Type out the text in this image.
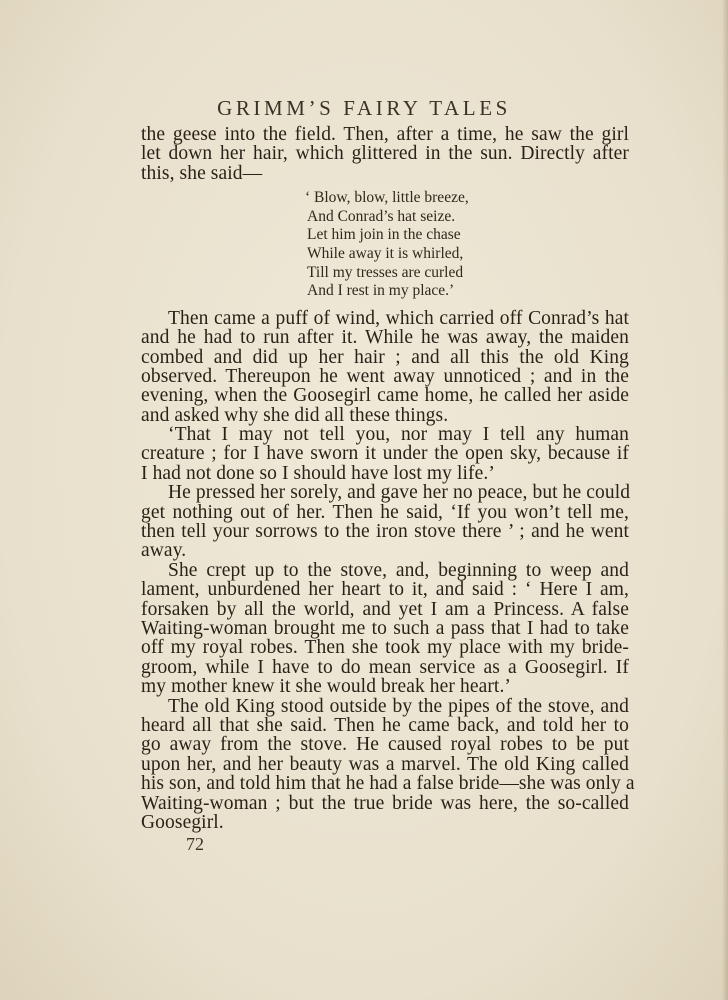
GRIMM’S FAIRY TALES
the geese into the field. Then, after a time, he saw the girl
let down her hair, which glittered in the sun. Directly after
this, she said—
‘ Blow, blow, little breeze,
And Conrad’s hat seize.
Let him join in the chase
While away it is whirled,
Till my tresses are curled
And I rest in my place.’
Then came a puff of wind, which carried off Conrad’s hat
and he had to run after it. While he was away, the maiden
combed and did up her hair ; and all this the old King
observed. Thereupon he went away unnoticed ; and in the
evening, when the Goosegirl came home, he called her aside
and asked why she did all these things.
‘That I may not tell you, nor may I tell any human
creature ; for I have sworn it under the open sky, because if
I had not done so I should have lost my life.’
He pressed her sorely, and gave her no peace, but he could
get nothing out of her. Then he said, ‘If you won’t tell me,
then tell your sorrows to the iron stove there ’ ; and he went
away.
She crept up to the stove, and, beginning to weep and
lament, unburdened her heart to it, and said : ‘ Here I am,
forsaken by all the world, and yet I am a Princess. A false
Waiting-woman brought me to such a pass that I had to take
off my royal robes. Then she took my place with my bride-
groom, while I have to do mean service as a Goosegirl. If
my mother knew it she would break her heart.’
The old King stood outside by the pipes of the stove, and
heard all that she said. Then he came back, and told her to
go away from the stove. He caused royal robes to be put
upon her, and her beauty was a marvel. The old King called
his son, and told him that he had a false bride—she was only a
Waiting-woman ; but the true bride was here, the so-called
Goosegirl.
72
